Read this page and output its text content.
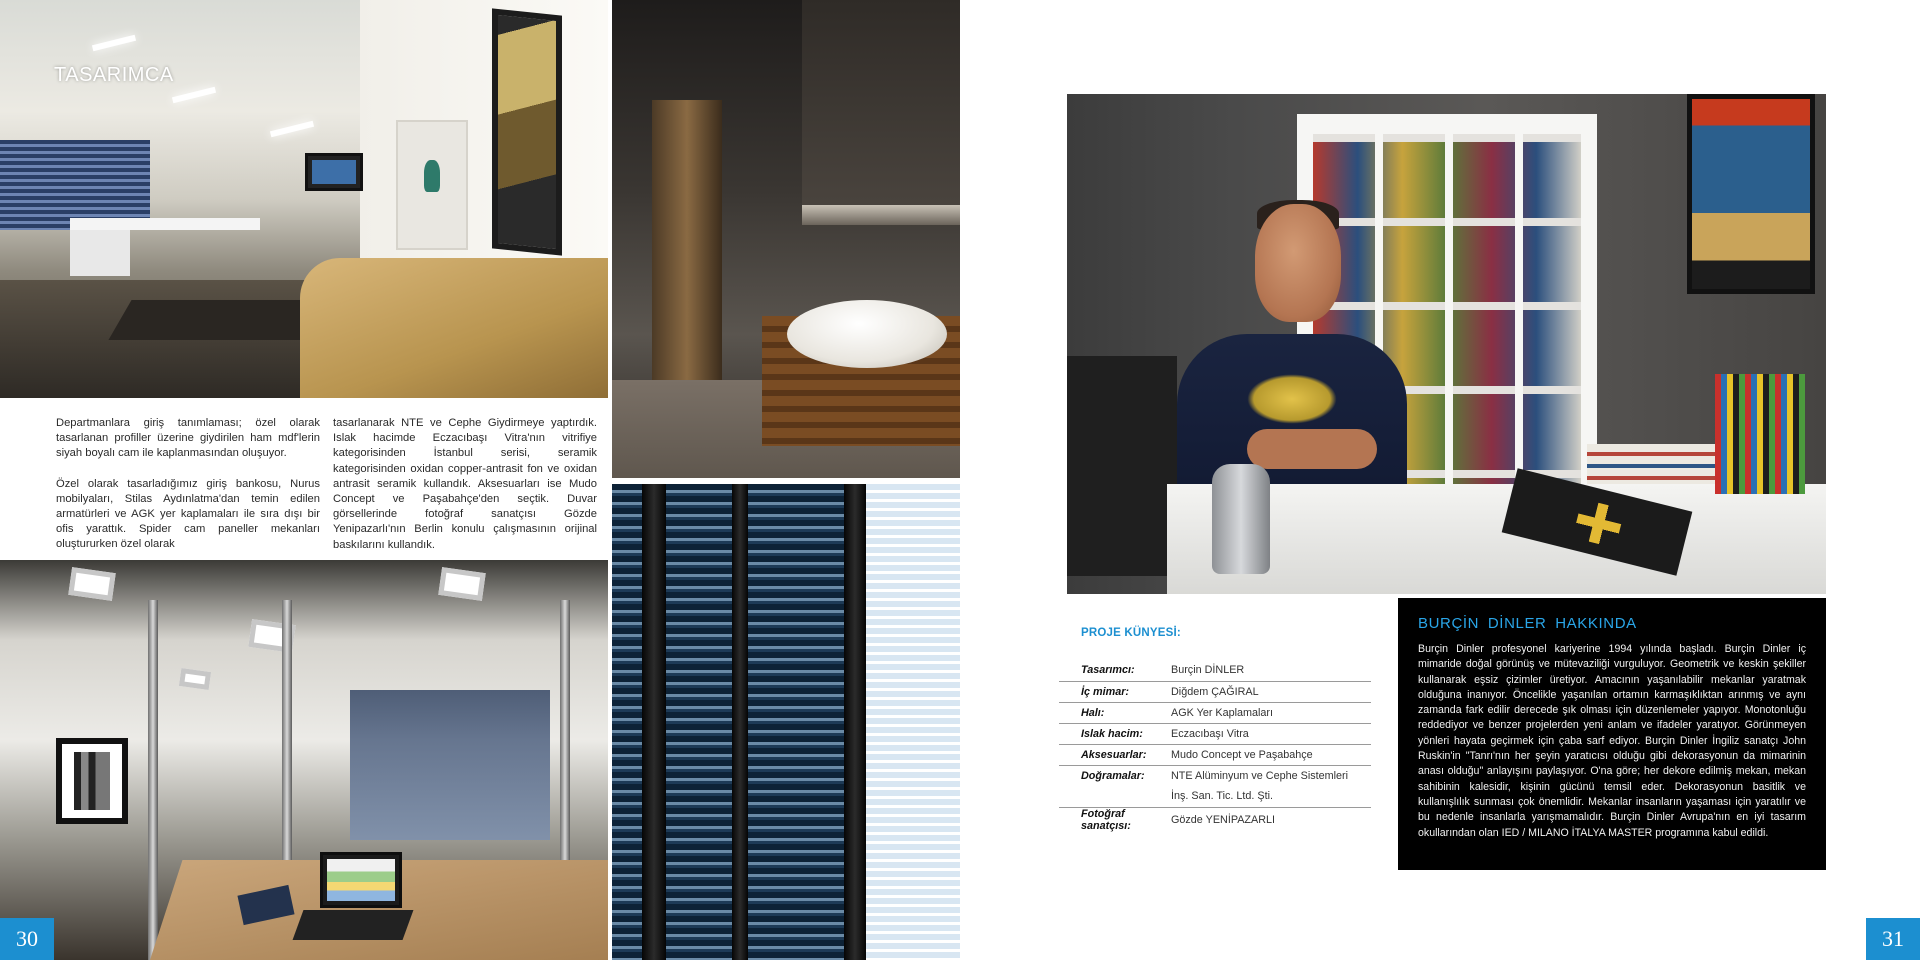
TASARIMCA

Departmanlara giriş tanımlaması; özel olarak tasarlanan profiller üzerine giydirilen ham mdf'lerin siyah boyalı cam ile kaplanmasından oluşuyor.

Özel olarak tasarladığımız giriş bankosu, Nurus mobilyaları, Stilas Aydınlatma'dan temin edilen armatürleri ve AGK yer kaplamaları ile sıra dışı bir ofis yarattık. Spider cam paneller mekanları oluştururken özel olarak

tasarlanarak NTE ve Cephe Giydirmeye yaptırdık. Islak hacimde Eczacıbaşı Vitra'nın vitrifiye kategorisinden İstanbul serisi, seramik kategorisinden oxidan copper-antrasit fon ve oxidan antrasit seramik kullandık. Aksesuarları ise Mudo Concept ve Paşabahçe'den seçtik. Duvar görsellerinde fotoğraf sanatçısı Gözde Yenipazarlı'nın Berlin konulu çalışmasının orijinal baskılarını kullandık.

30
PROJE KÜNYESİ:
Tasarımcı:	Burçin DİNLER
İç mimar:	Diğdem ÇAĞIRAL
Halı:	AGK Yer Kaplamaları
Islak hacim:	Eczacıbaşı Vitra
Aksesuarlar:	Mudo Concept ve Paşabahçe
Doğramalar:	NTE Alüminyum ve Cephe Sistemleri
	İnş. San. Tic. Ltd. Şti.
Fotoğraf sanatçısı:	Gözde YENİPAZARLI
BURÇİN DİNLER HAKKINDA
Burçin Dinler profesyonel kariyerine 1994 yılında başladı. Burçin Dinler iç mimaride doğal görünüş ve mütevaziliği vurguluyor. Geometrik ve keskin şekiller kullanarak eşsiz çizimler üretiyor. Amacının yaşanılabilir mekanlar yaratmak olduğuna inanıyor. Öncelikle yaşanılan ortamın karmaşıklıktan arınmış ve aynı zamanda fark edilir derecede şık olması için düzenlemeler yapıyor. Monotonluğu reddediyor ve benzer projelerden yeni anlam ve ifadeler yaratıyor. Görünmeyen yönleri hayata geçirmek için çaba sarf ediyor. Burçin Dinler İngiliz sanatçı John Ruskin'in "Tanrı'nın her şeyin yaratıcısı olduğu gibi dekorasyonun da mimarinin anası olduğu" anlayışını paylaşıyor. O'na göre; her dekore edilmiş mekan, mekan sahibinin kalesidir, kişinin gücünü temsil eder. Dekorasyonun basitlik ve kullanışlılık sunması çok önemlidir. Mekanlar insanların yaşaması için yaratılır ve bu nedenle insanlarla yarışmamalıdır. Burçin Dinler Avrupa'nın en iyi tasarım okullarından olan IED / MILANO İTALYA MASTER programına kabul edildi.
31
